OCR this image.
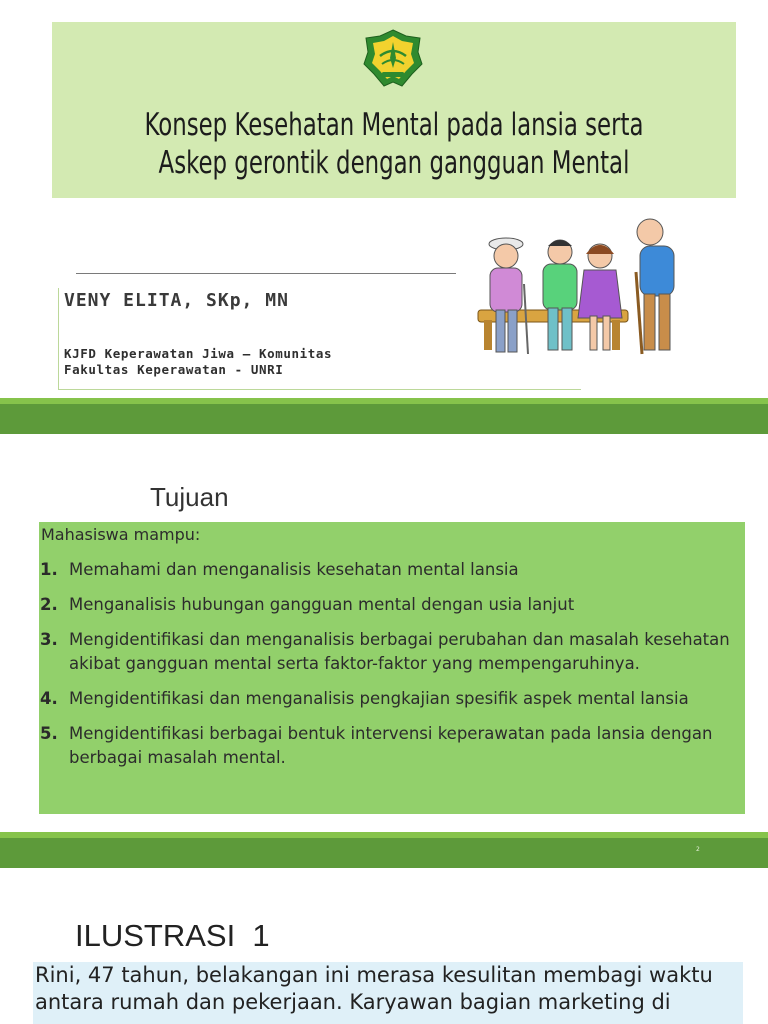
Konsep Kesehatan Mental pada lansia serta
Askep gerontik dengan gangguan Mental
VENY ELITA, SKp, MN
KJFD Keperawatan Jiwa – Komunitas
Fakultas Keperawatan - UNRI
Tujuan
Mahasiswa mampu:
1. Memahami dan menganalisis kesehatan mental lansia
2. Menganalisis hubungan gangguan mental dengan usia lanjut
3. Mengidentifikasi dan menganalisis berbagai perubahan dan masalah kesehatan akibat gangguan mental serta faktor-faktor yang mempengaruhinya.
4. Mengidentifikasi dan menganalisis pengkajian spesifik aspek mental lansia
5. Mengidentifikasi berbagai bentuk intervensi keperawatan pada lansia dengan berbagai masalah mental.
2
ILUSTRASI  1
Rini, 47 tahun, belakangan ini merasa kesulitan membagi waktu antara rumah dan pekerjaan. Karyawan bagian marketing di
